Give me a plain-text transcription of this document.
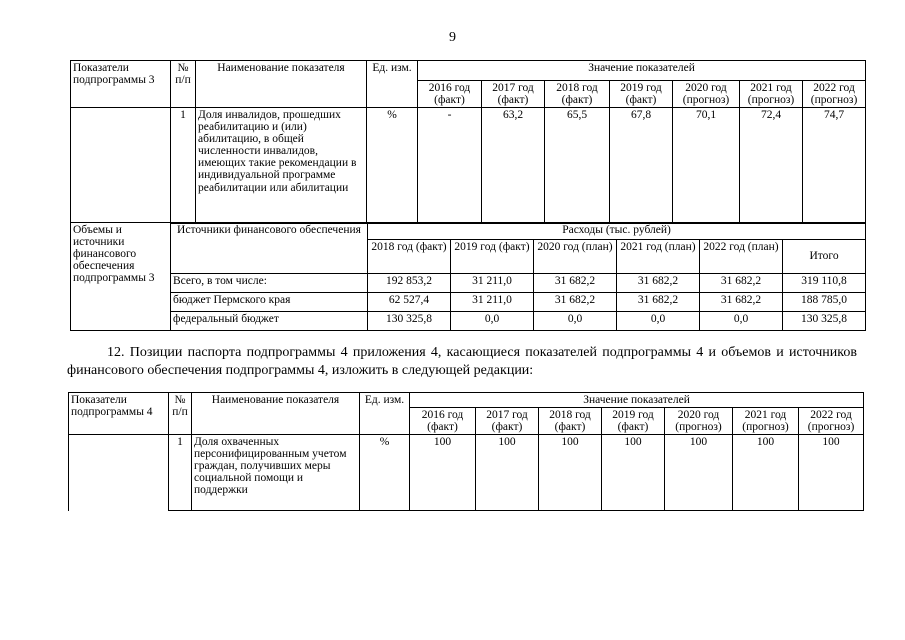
9
Показатели подпрограммы 3	№ п/п	Наименование показателя	Ед. изм.	Значение показателей						
				2016 год (факт)	2017 год (факт)	2018 год (факт)	2019 год (факт)	2020 год (прогноз)	2021 год (прогноз)	2022 год (прогноз)
	1	Доля инвалидов, прошедших реабилитацию и (или) абилитацию, в общей численности инвалидов, имеющих такие рекомендации в индивидуальной программе реабилитации или абилитации	%	-	63,2	65,5	67,8	70,1	72,4	74,7
Объемы и источники финансового обеспечения подпрограммы 3	Источники финансового обеспечения	Расходы (тыс. рублей)					
		2018 год (факт)	2019 год (факт)	2020 год (план)	2021 год (план)	2022 год (план)	Итого
	Всего, в том числе:	192 853,2	31 211,0	31 682,2	31 682,2	31 682,2	319 110,8
	бюджет Пермского края	62 527,4	31 211,0	31 682,2	31 682,2	31 682,2	188 785,0
	федеральный бюджет	130 325,8	0,0	0,0	0,0	0,0	130 325,8
12. Позиции паспорта подпрограммы 4 приложения 4, касающиеся показателей подпрограммы 4 и объемов и источников финансового обеспечения подпрограммы 4, изложить в следующей редакции:
Показатели подпрограммы 4	№ п/п	Наименование показателя	Ед. изм.	Значение показателей						
				2016 год (факт)	2017 год (факт)	2018 год (факт)	2019 год (факт)	2020 год (прогноз)	2021 год (прогноз)	2022 год (прогноз)
	1	Доля охваченных персонифицированным учетом граждан, получивших меры социальной помощи и поддержки	%	100	100	100	100	100	100	100
